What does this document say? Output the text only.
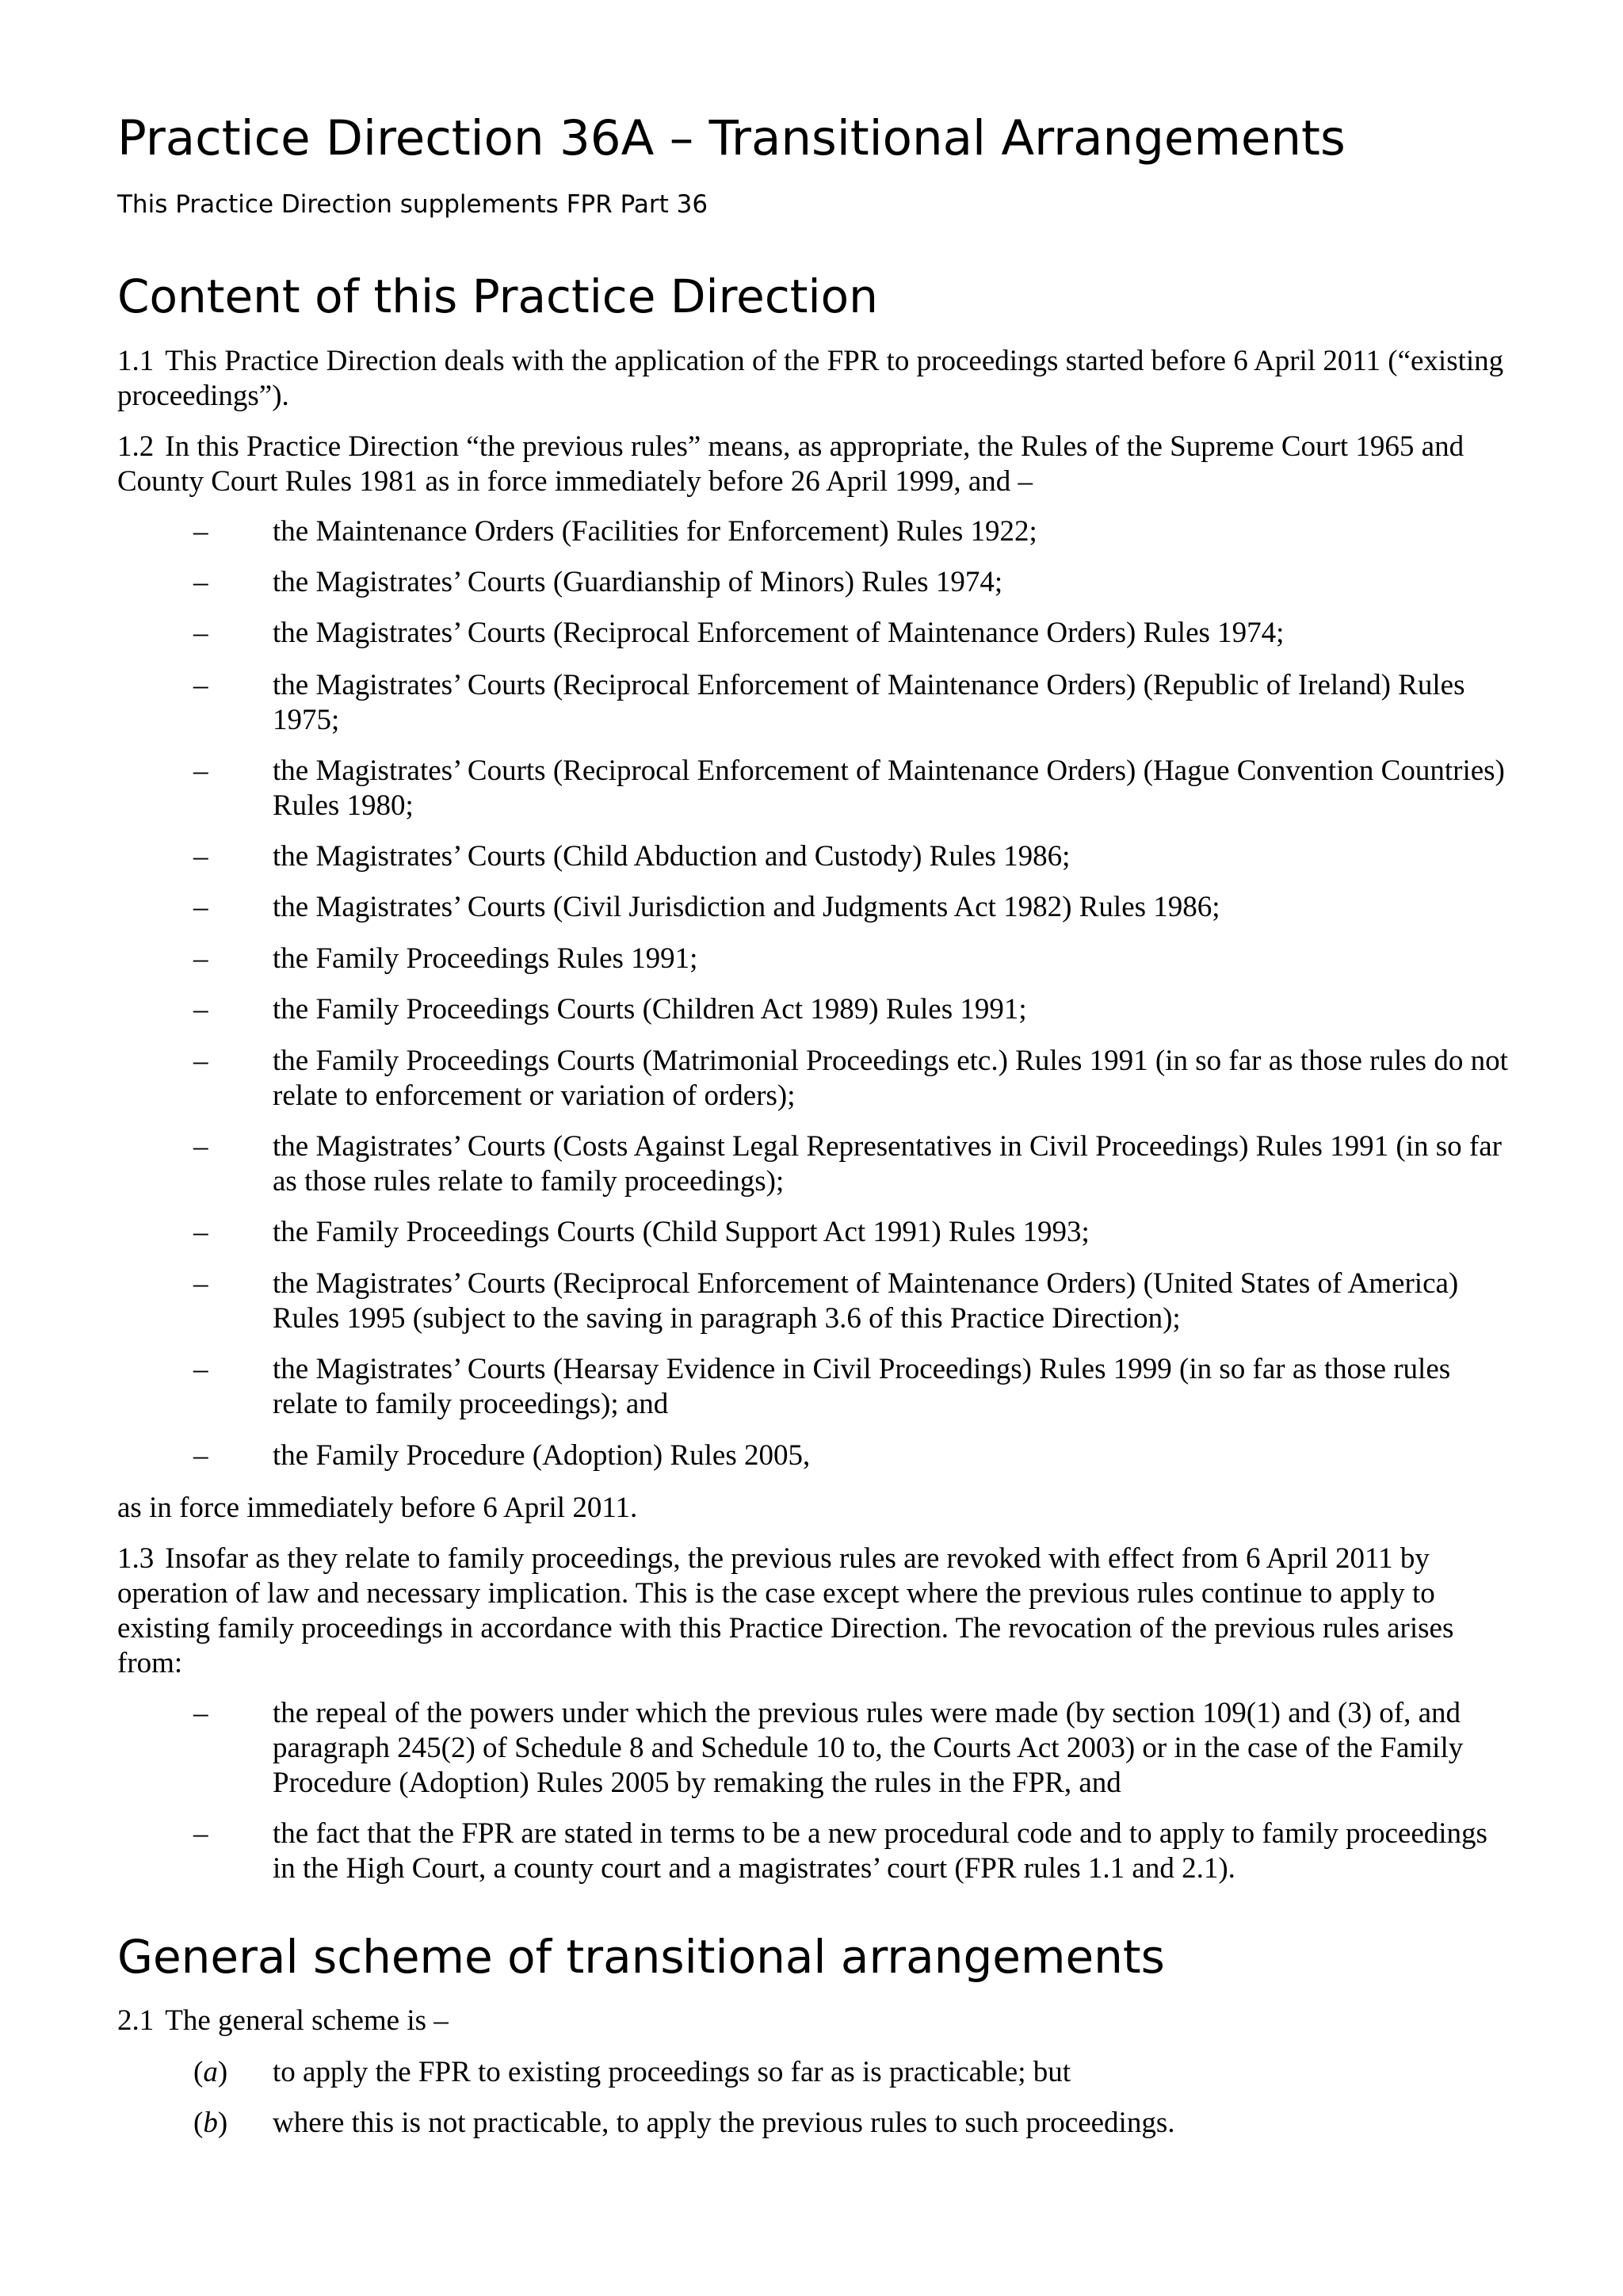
Practice Direction 36A – Transitional Arrangements

This Practice Direction supplements FPR Part 36

Content of this Practice Direction

1.1 This Practice Direction deals with the application of the FPR to proceedings started before 6 April 2011 (“existing proceedings”).

1.2 In this Practice Direction “the previous rules” means, as appropriate, the Rules of the Supreme Court 1965 and County Court Rules 1981 as in force immediately before 26 April 1999, and –

– the Maintenance Orders (Facilities for Enforcement) Rules 1922;
– the Magistrates’ Courts (Guardianship of Minors) Rules 1974;
– the Magistrates’ Courts (Reciprocal Enforcement of Maintenance Orders) Rules 1974;
– the Magistrates’ Courts (Reciprocal Enforcement of Maintenance Orders) (Republic of Ireland) Rules 1975;
– the Magistrates’ Courts (Reciprocal Enforcement of Maintenance Orders) (Hague Convention Countries) Rules 1980;
– the Magistrates’ Courts (Child Abduction and Custody) Rules 1986;
– the Magistrates’ Courts (Civil Jurisdiction and Judgments Act 1982) Rules 1986;
– the Family Proceedings Rules 1991;
– the Family Proceedings Courts (Children Act 1989) Rules 1991;
– the Family Proceedings Courts (Matrimonial Proceedings etc.) Rules 1991 (in so far as those rules do not relate to enforcement or variation of orders);
– the Magistrates’ Courts (Costs Against Legal Representatives in Civil Proceedings) Rules 1991 (in so far as those rules relate to family proceedings);
– the Family Proceedings Courts (Child Support Act 1991) Rules 1993;
– the Magistrates’ Courts (Reciprocal Enforcement of Maintenance Orders) (United States of America) Rules 1995 (subject to the saving in paragraph 3.6 of this Practice Direction);
– the Magistrates’ Courts (Hearsay Evidence in Civil Proceedings) Rules 1999 (in so far as those rules relate to family proceedings); and
– the Family Procedure (Adoption) Rules 2005,

as in force immediately before 6 April 2011.

1.3 Insofar as they relate to family proceedings, the previous rules are revoked with effect from 6 April 2011 by operation of law and necessary implication. This is the case except where the previous rules continue to apply to existing family proceedings in accordance with this Practice Direction. The revocation of the previous rules arises from:

– the repeal of the powers under which the previous rules were made (by section 109(1) and (3) of, and paragraph 245(2) of Schedule 8 and Schedule 10 to, the Courts Act 2003) or in the case of the Family Procedure (Adoption) Rules 2005 by remaking the rules in the FPR, and
– the fact that the FPR are stated in terms to be a new procedural code and to apply to family proceedings in the High Court, a county court and a magistrates’ court (FPR rules 1.1 and 2.1).
General scheme of transitional arrangements

2.1 The general scheme is –

(a) to apply the FPR to existing proceedings so far as is practicable; but
(b) where this is not practicable, to apply the previous rules to such proceedings.
